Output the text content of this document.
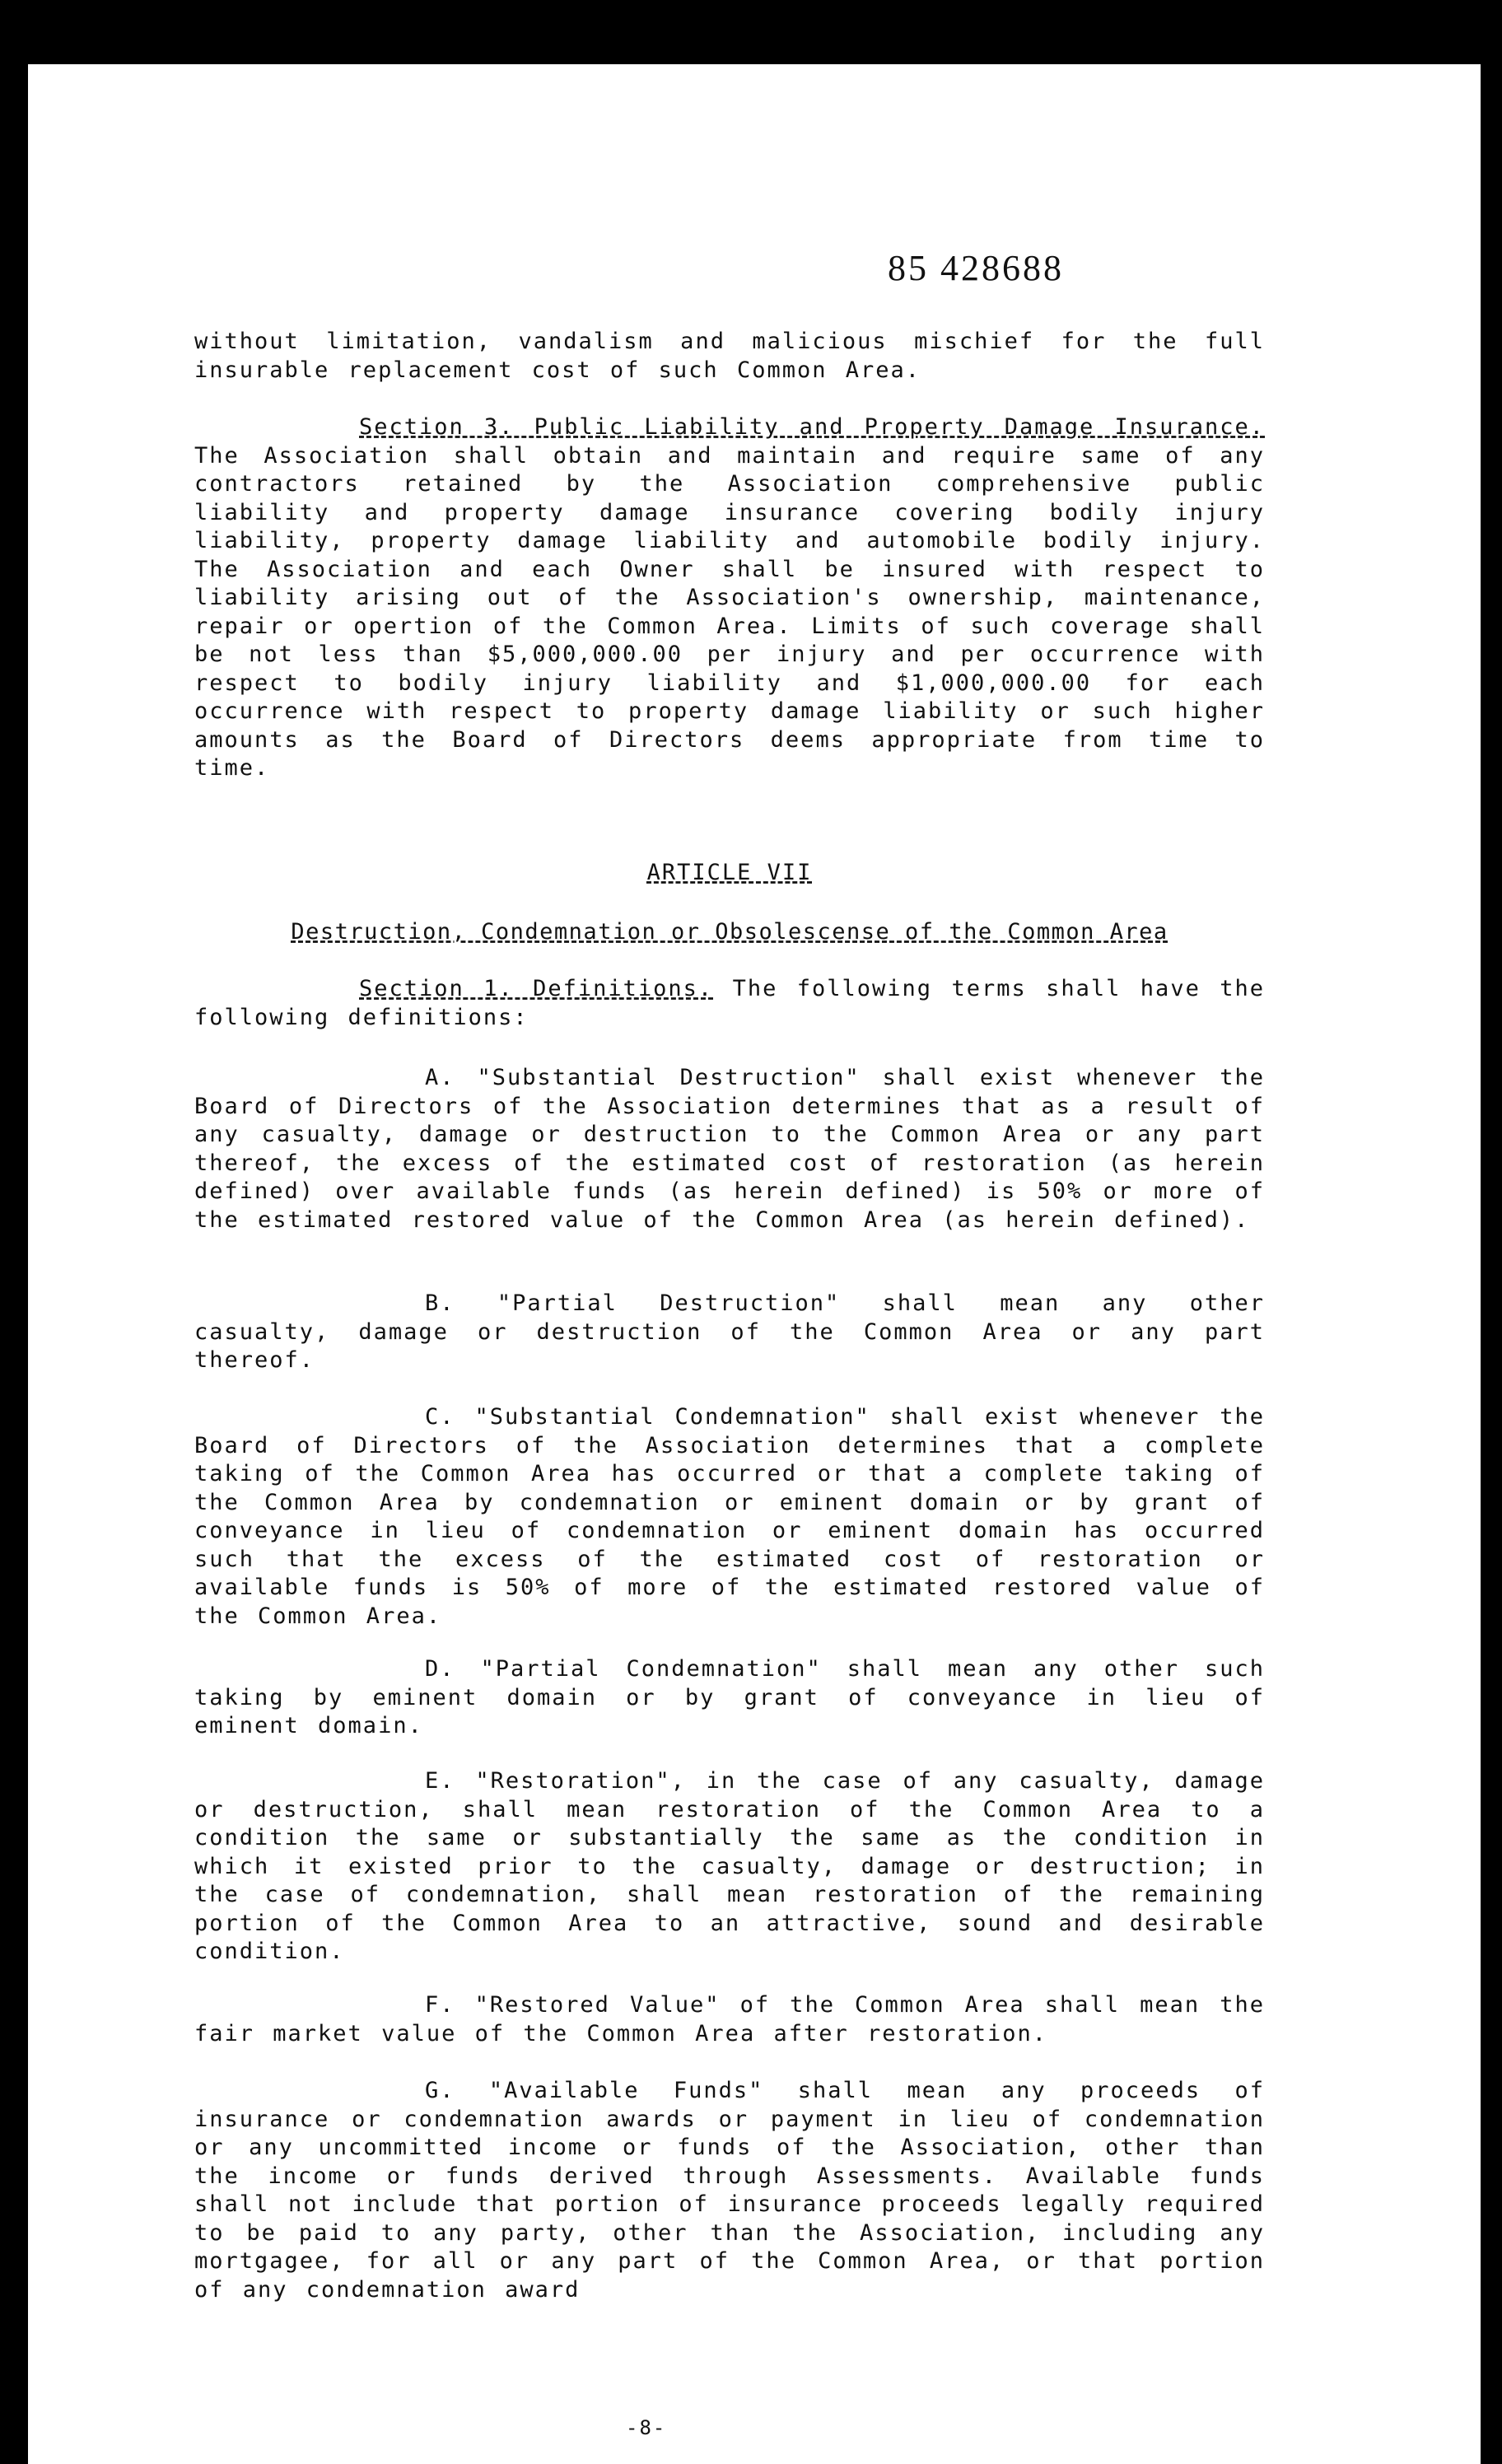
85 428688

without limitation, vandalism and malicious mischief for the full insurable replacement cost of such Common Area.

Section 3. Public Liability and Property Damage Insurance. The Association shall obtain and maintain and require same of any contractors retained by the Association comprehensive public liability and property damage insurance covering bodily injury liability, property damage liability and automobile bodily injury. The Association and each Owner shall be insured with respect to liability arising out of the Association's ownership, maintenance, repair or opertion of the Common Area. Limits of such coverage shall be not less than $5,000,000.00 per injury and per occurrence with respect to bodily injury liability and $1,000,000.00 for each occurrence with respect to property damage liability or such higher amounts as the Board of Directors deems appropriate from time to time.

ARTICLE VII
Destruction, Condemnation or Obsolescense of the Common Area

Section 1. Definitions. The following terms shall have the following definitions:

A. "Substantial Destruction" shall exist whenever the Board of Directors of the Association determines that as a result of any casualty, damage or destruction to the Common Area or any part thereof, the excess of the estimated cost of restoration (as herein defined) over available funds (as herein defined) is 50% or more of the estimated restored value of the Common Area (as herein defined).

B. "Partial Destruction" shall mean any other casualty, damage or destruction of the Common Area or any part thereof.

C. "Substantial Condemnation" shall exist whenever the Board of Directors of the Association determines that a complete taking of the Common Area has occurred or that a complete taking of the Common Area by condemnation or eminent domain or by grant of conveyance in lieu of condemnation or eminent domain has occurred such that the excess of the estimated cost of restoration or available funds is 50% of more of the estimated restored value of the Common Area.

D. "Partial Condemnation" shall mean any other such taking by eminent domain or by grant of conveyance in lieu of eminent domain.

E. "Restoration", in the case of any casualty, damage or destruction, shall mean restoration of the Common Area to a condition the same or substantially the same as the condition in which it existed prior to the casualty, damage or destruction; in the case of condemnation, shall mean restoration of the remaining portion of the Common Area to an attractive, sound and desirable condition.

F. "Restored Value" of the Common Area shall mean the fair market value of the Common Area after restoration.

G. "Available Funds" shall mean any proceeds of insurance or condemnation awards or payment in lieu of condemnation or any uncommitted income or funds of the Association, other than the income or funds derived through Assessments. Available funds shall not include that portion of insurance proceeds legally required to be paid to any party, other than the Association, including any mortgagee, for all or any part of the Common Area, or that portion of any condemnation award

-8-
